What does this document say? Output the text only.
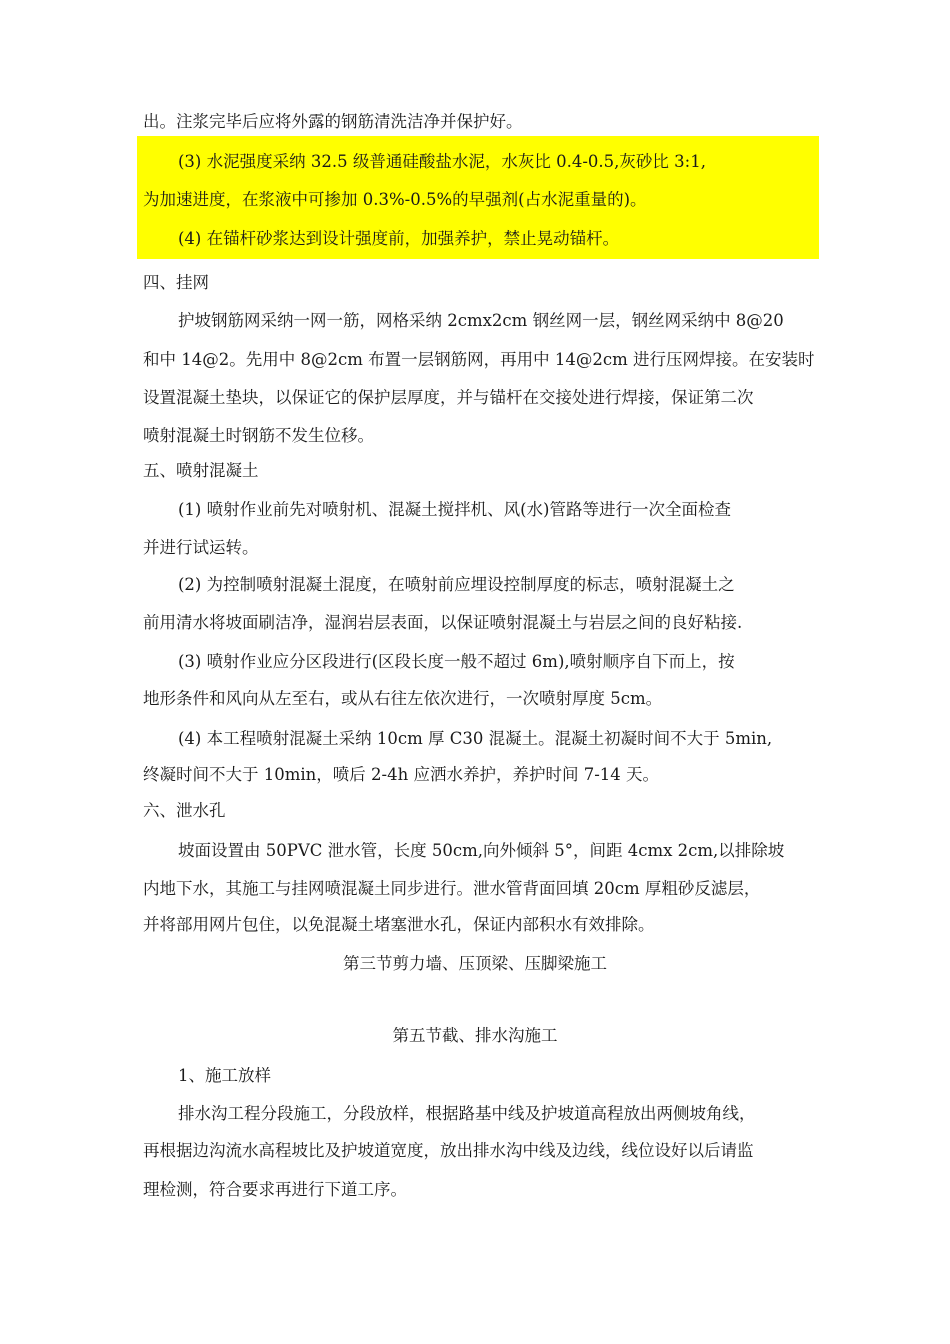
出。注浆完毕后应将外露的钢筋清洗洁净并保护好。
(3) 水泥强度采纳 32.5 级普通硅酸盐水泥，水灰比 0.4-0.5,灰砂比 3:1,
为加速进度，在浆液中可掺加 0.3%-0.5%的早强剂(占水泥重量的)。
(4) 在锚杆砂浆达到设计强度前，加强养护，禁止晃动锚杆。
四、挂网
护坡钢筋网采纳一网一筋，网格采纳 2cmx2cm 钢丝网一层，钢丝网采纳中 8@20
和中 14@2。先用中 8@2cm 布置一层钢筋网，再用中 14@2cm 进行压网焊接。在安装时
设置混凝土垫块，以保证它的保护层厚度，并与锚杆在交接处进行焊接，保证第二次
喷射混凝土时钢筋不发生位移。
五、喷射混凝土
(1) 喷射作业前先对喷射机、混凝土搅拌机、风(水)管路等进行一次全面检查
并进行试运转。
(2) 为控制喷射混凝土混度，在喷射前应埋设控制厚度的标志，喷射混凝土之
前用清水将坡面刷洁净，湿润岩层表面，以保证喷射混凝土与岩层之间的良好粘接.
(3) 喷射作业应分区段进行(区段长度一般不超过 6m),喷射顺序自下而上，按
地形条件和风向从左至右，或从右往左依次进行，一次喷射厚度 5cm。
(4) 本工程喷射混凝土采纳 10cm 厚 C30 混凝土。混凝土初凝时间不大于 5min,
终凝时间不大于 10min，喷后 2-4h 应洒水养护，养护时间 7-14 天。
六、泄水孔
坡面设置由 50PVC 泄水管，长度 50cm,向外倾斜 5°，间距 4cmx 2cm,以排除坡
内地下水，其施工与挂网喷混凝土同步进行。泄水管背面回填 20cm 厚粗砂反滤层，
并将部用网片包住，以免混凝土堵塞泄水孔，保证内部积水有效排除。
第三节剪力墙、压顶梁、压脚梁施工
第五节截、排水沟施工
1、施工放样
排水沟工程分段施工，分段放样，根据路基中线及护坡道高程放出两侧坡角线，
再根据边沟流水高程坡比及护坡道宽度，放出排水沟中线及边线，线位设好以后请监
理检测，符合要求再进行下道工序。
